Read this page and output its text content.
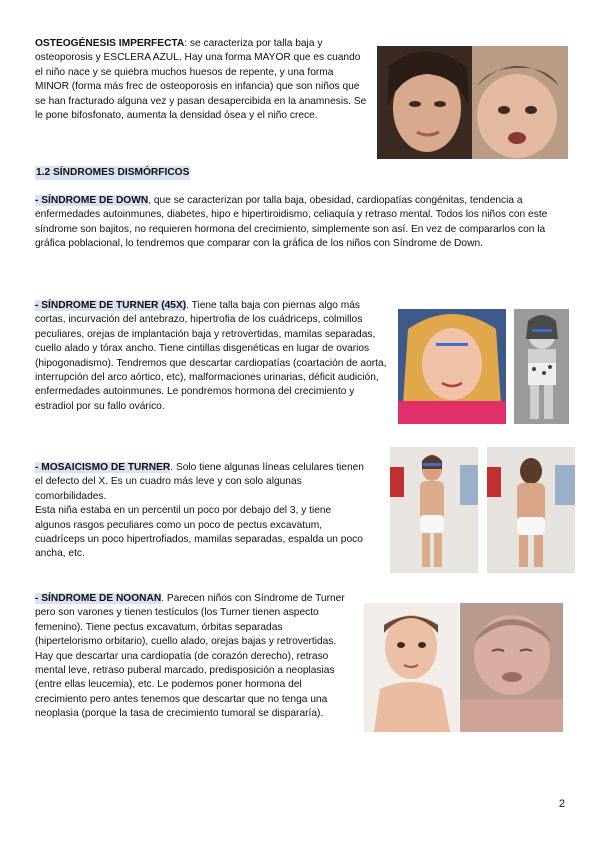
OSTEOGÉNESIS IMPERFECTA: se caracteriza por talla baja y osteoporosis y ESCLERA AZUL. Hay una forma MAYOR que es cuando el niño nace y se quiebra muchos huesos de repente, y una forma MINOR (forma más frec de osteoporosis en infancia) que son niños que se han fracturado alguna vez y pasan desapercibida en la anamnesis. Se le pone bifosfonato, aumenta la densidad ósea y el niño crece.

1.2 SÍNDROMES DISMÓRFICOS

- SÍNDROME DE DOWN, que se caracterizan por talla baja, obesidad, cardiopatías congénitas, tendencia a enfermedades autoinmunes, diabetes, hipo e hipertiroidismo, celiaquía y retraso mental. Todos los niños con este síndrome son bajitos, no requieren hormona del crecimiento, simplemente son así. En vez de compararlos con la gráfica poblacional, lo tendremos que comparar con la gráfica de los niños con Síndrome de Down.

- SÍNDROME DE TURNER (45X). Tiene talla baja con piernas algo más cortas, incurvación del antebrazo, hipertrofia de los cuádriceps, colmillos peculiares, orejas de implantación baja y retrovertidas, mamilas separadas, cuello alado y tórax ancho. Tiene cintillas disgenéticas en lugar de ovarios (hipogonadismo). Tendremos que descartar cardiopatías (coartación de aorta, interrupción del arco aórtico, etc), malformaciones urinarias, déficit audición, enfermedades autoinmunes. Le pondremos hormona del crecimiento y estradiol por su fallo ovárico.

- MOSAICISMO DE TURNER. Solo tiene algunas líneas celulares tienen el defecto del X. Es un cuadro más leve y con solo algunas comorbilidades.

Esta niña estaba en un percentil un poco por debajo del 3, y tiene algunos rasgos peculiares como un poco de pectus excavatum, cuadríceps un poco hipertrofiados, mamilas separadas, espalda un poco ancha, etc.

- SÍNDROME DE NOONAN. Parecen niños con Síndrome de Turner pero son varones y tienen testículos (los Turner tienen aspecto femenino). Tiene pectus excavatum, órbitas separadas (hipertelorismo orbitario), cuello alado, orejas bajas y retrovertidas. Hay que descartar una cardiopatía (de corazón derecho), retraso mental leve, retraso puberal marcado, predisposición a neoplasias (entre ellas leucemia), etc. Le podemos poner hormona del crecimiento pero antes tenemos que descartar que no tenga una neoplasia (porque la tasa de crecimiento tumoral se dispararía).

2
